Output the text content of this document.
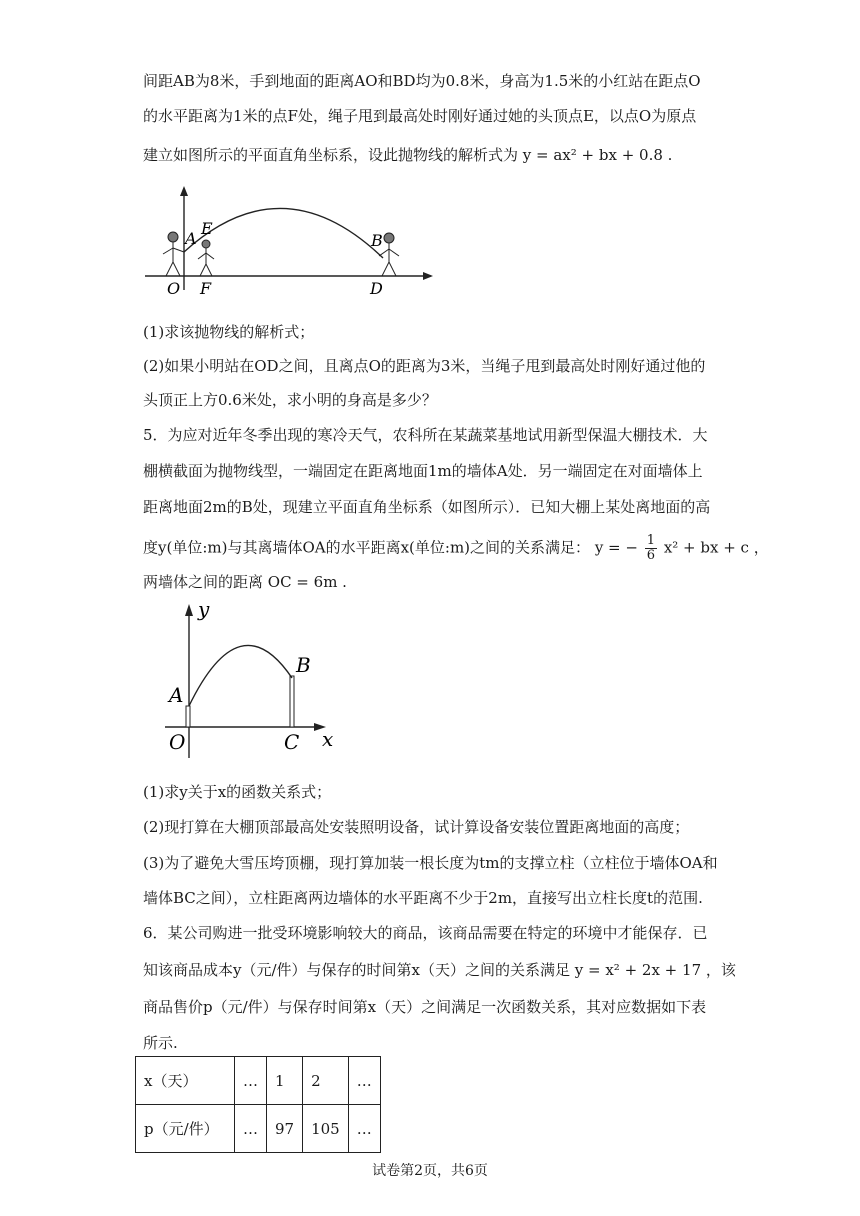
间距AB为8米，手到地面的距离AO和BD均为0.8米，身高为1.5米的小红站在距点O
的水平距离为1米的点F处，绳子甩到最高处时刚好通过她的头顶点E，以点O为原点
建立如图所示的平面直角坐标系，设此抛物线的解析式为 y = ax² + bx + 0.8 .
A
E
B
O F	D
(1)求该抛物线的解析式；
(2)如果小明站在OD之间，且离点O的距离为3米，当绳子甩到最高处时刚好通过他的
头顶正上方0.6米处，求小明的身高是多少？
5．为应对近年冬季出现的寒冷天气，农科所在某蔬菜基地试用新型保温大棚技术．大
棚横截面为抛物线型，一端固定在距离地面1m的墙体A处．另一端固定在对面墙体上
距离地面2m的B处，现建立平面直角坐标系（如图所示）．已知大棚上某处离地面的高
度y(单位:m)与其离墙体OA的水平距离x(单位:m)之间的关系满足： y = − $\frac{1}{6} x^2$ + bx + c ，
两墙体之间的距离 OC = 6m .
y
A
B
O	C x
(1)求y关于x的函数关系式；
(2)现打算在大棚顶部最高处安装照明设备，试计算设备安装位置距离地面的高度；
(3)为了避免大雪压垮顶棚，现打算加装一根长度为tm的支撑立柱（立柱位于墙体OA和
墙体BC之间），立柱距离两边墙体的水平距离不少于2m，直接写出立柱长度t的范围.
6．某公司购进一批受环境影响较大的商品，该商品需要在特定的环境中才能保存．已
知该商品成本y（元/件）与保存的时间第x（天）之间的关系满足 y = x² + 2x + 17 ，该
商品售价p（元/件）与保存时间第x（天）之间满足一次函数关系，其对应数据如下表
所示.
x（天）	…	1	2	…
p（元/件）	…	97	105	…
试卷第2页，共6页
